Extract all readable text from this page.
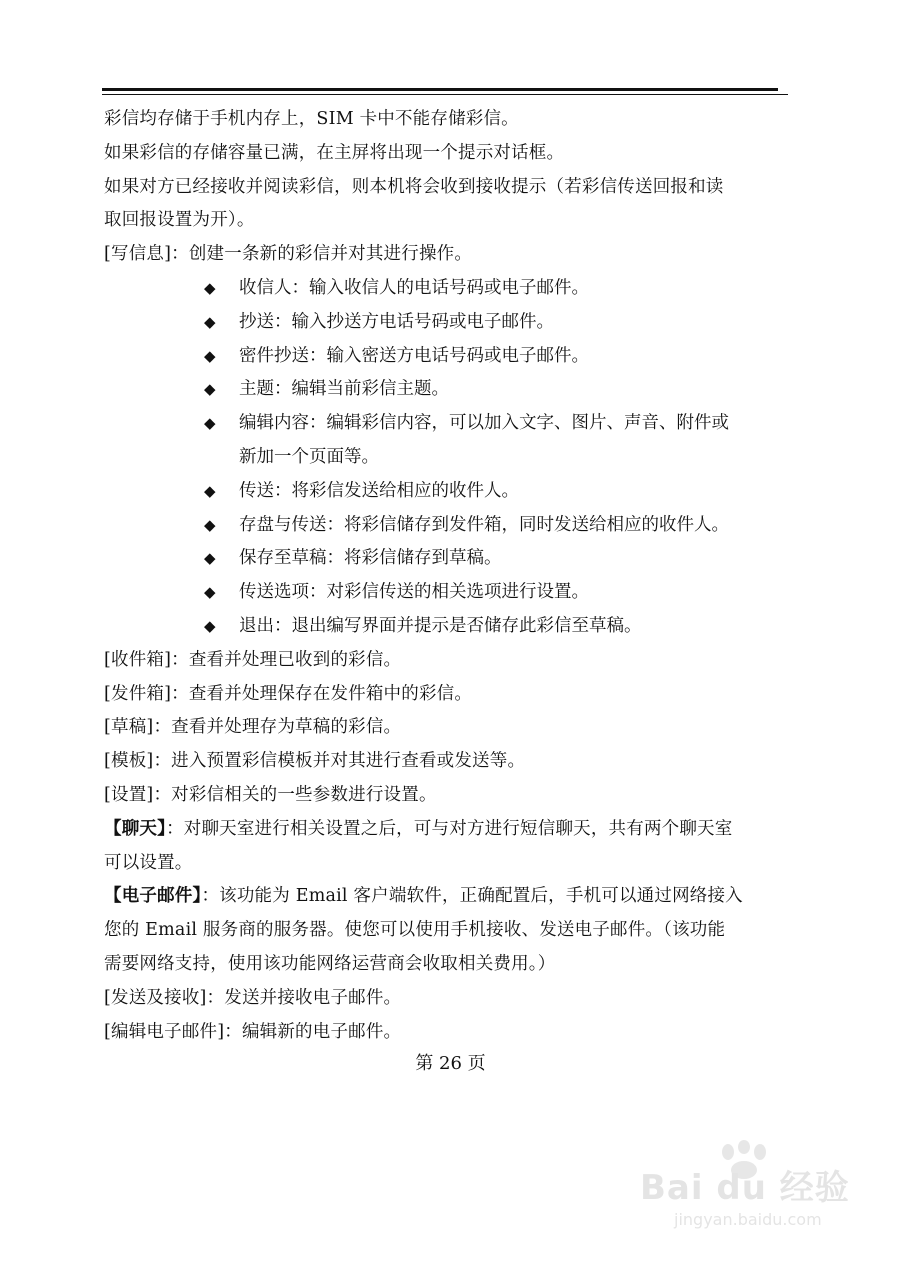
彩信均存储于手机内存上，SIM 卡中不能存储彩信。
如果彩信的存储容量已满，在主屏将出现一个提示对话框。
如果对方已经接收并阅读彩信，则本机将会收到接收提示（若彩信传送回报和读
取回报设置为开）。
[写信息]：创建一条新的彩信并对其进行操作。
◆ 收信人：输入收信人的电话号码或电子邮件。
◆ 抄送：输入抄送方电话号码或电子邮件。
◆ 密件抄送：输入密送方电话号码或电子邮件。
◆ 主题：编辑当前彩信主题。
◆ 编辑内容：编辑彩信内容，可以加入文字、图片、声音、附件或
新加一个页面等。
◆ 传送：将彩信发送给相应的收件人。
◆ 存盘与传送：将彩信储存到发件箱，同时发送给相应的收件人。
◆ 保存至草稿：将彩信储存到草稿。
◆ 传送选项：对彩信传送的相关选项进行设置。
◆ 退出：退出编写界面并提示是否储存此彩信至草稿。
[收件箱]：查看并处理已收到的彩信。
[发件箱]：查看并处理保存在发件箱中的彩信。
[草稿]：查看并处理存为草稿的彩信。
[模板]：进入预置彩信模板并对其进行查看或发送等。
[设置]：对彩信相关的一些参数进行设置。
【聊天】：对聊天室进行相关设置之后，可与对方进行短信聊天，共有两个聊天室
可以设置。
【电子邮件】：该功能为 Email 客户端软件，正确配置后，手机可以通过网络接入
您的 Email 服务商的服务器。使您可以使用手机接收、发送电子邮件。（该功能
需要网络支持，使用该功能网络运营商会收取相关费用。）
[发送及接收]：发送并接收电子邮件。
[编辑电子邮件]：编辑新的电子邮件。
第 26 页
Bai du 经验
jingyan.baidu.com
